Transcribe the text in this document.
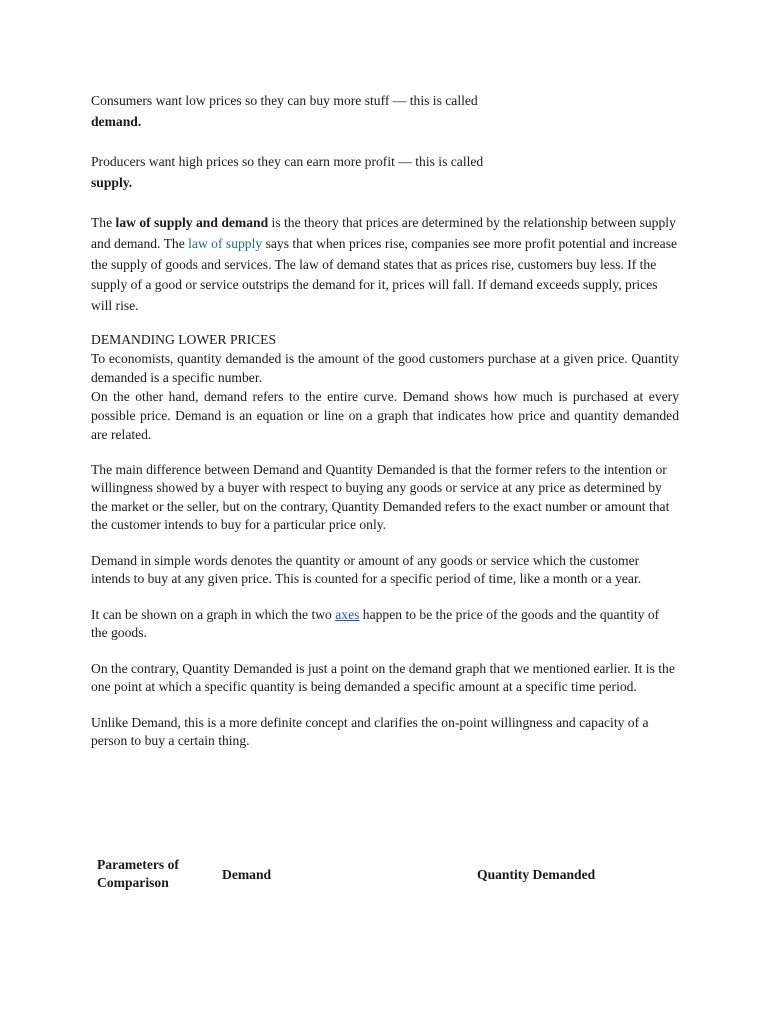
Consumers want low prices so they can buy more stuff — this is called demand.

Producers want high prices so they can earn more profit — this is called supply.

The law of supply and demand is the theory that prices are determined by the relationship between supply and demand. The law of supply says that when prices rise, companies see more profit potential and increase the supply of goods and services. The law of demand states that as prices rise, customers buy less. If the supply of a good or service outstrips the demand for it, prices will fall. If demand exceeds supply, prices will rise.

DEMANDING LOWER PRICES

To economists, quantity demanded is the amount of the good customers purchase at a given price. Quantity demanded is a specific number.

On the other hand, demand refers to the entire curve. Demand shows how much is purchased at every possible price. Demand is an equation or line on a graph that indicates how price and quantity demanded are related.

The main difference between Demand and Quantity Demanded is that the former refers to the intention or willingness showed by a buyer with respect to buying any goods or service at any price as determined by the market or the seller, but on the contrary, Quantity Demanded refers to the exact number or amount that the customer intends to buy for a particular price only.

Demand in simple words denotes the quantity or amount of any goods or service which the customer intends to buy at any given price. This is counted for a specific period of time, like a month or a year.

It can be shown on a graph in which the two axes happen to be the price of the goods and the quantity of the goods.

On the contrary, Quantity Demanded is just a point on the demand graph that we mentioned earlier. It is the one point at which a specific quantity is being demanded a specific amount at a specific time period.

Unlike Demand, this is a more definite concept and clarifies the on-point willingness and capacity of a person to buy a certain thing.

Parameters of Comparison
Demand	Quantity Demanded
